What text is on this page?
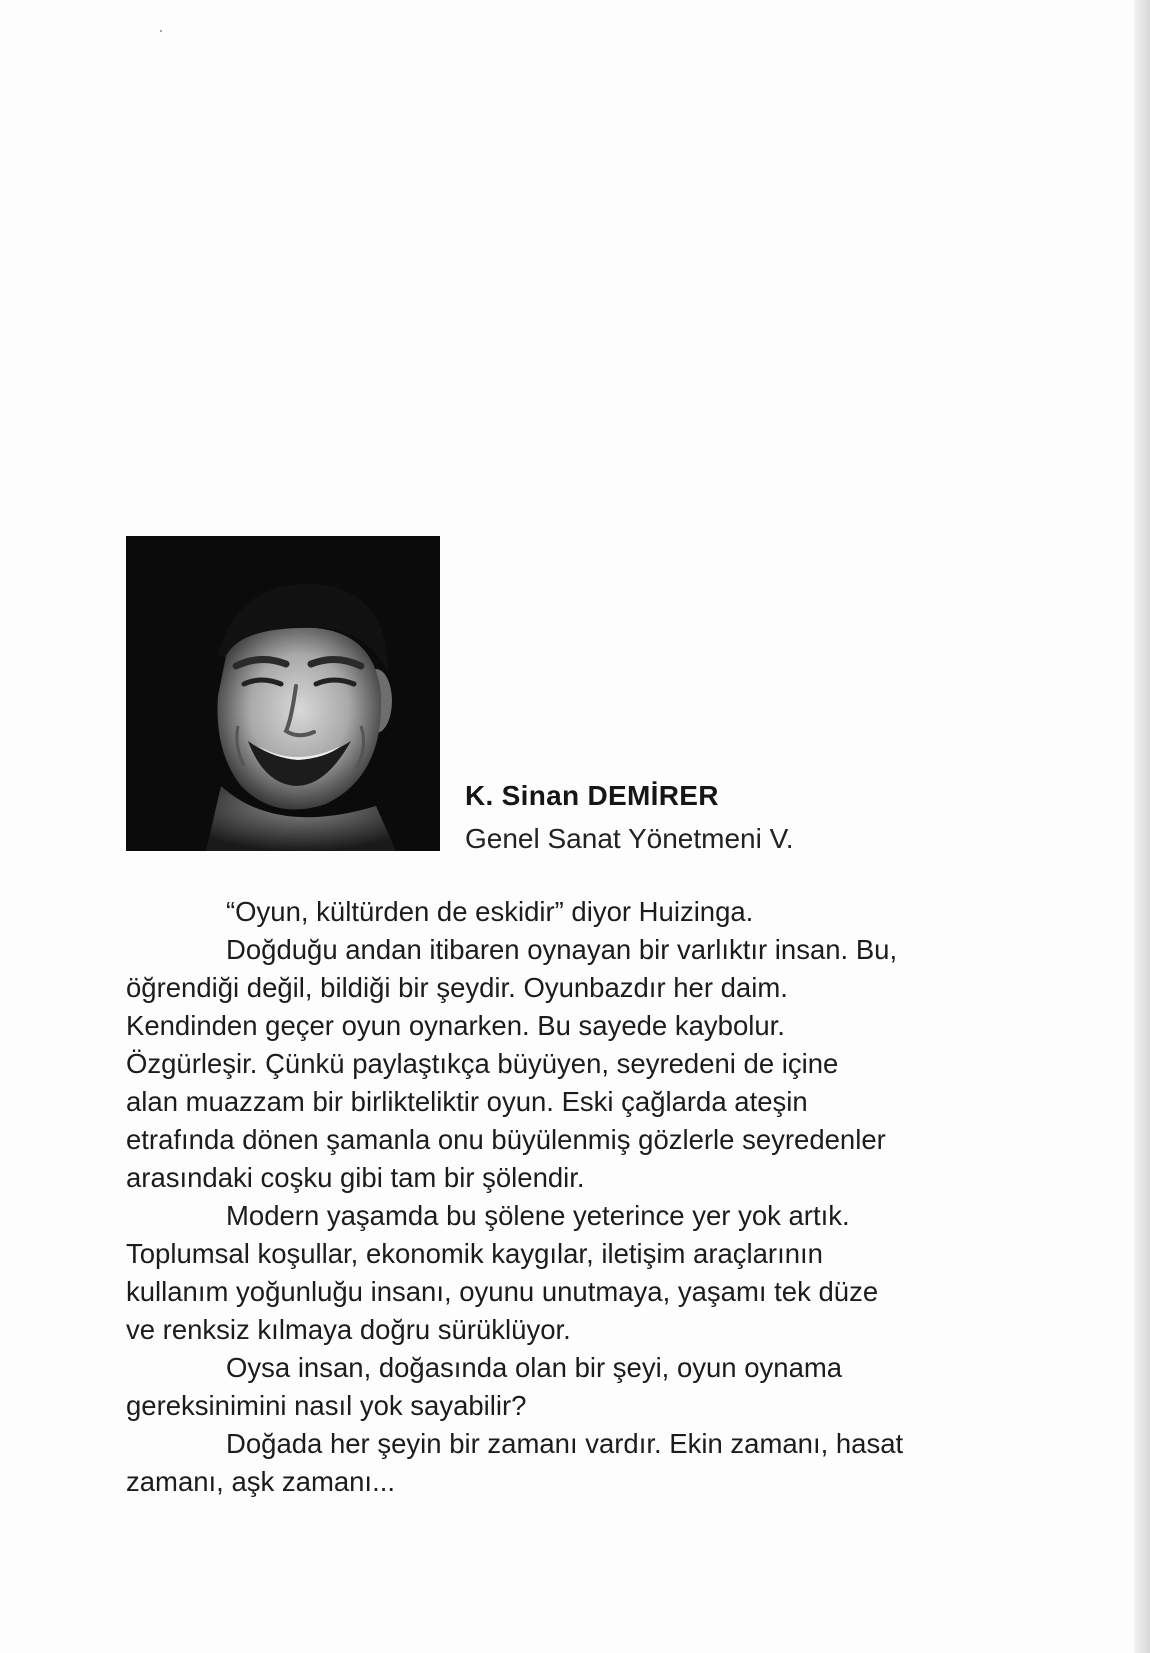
K. Sinan DEMİRER
Genel Sanat Yönetmeni V.
“Oyun, kültürden de eskidir” diyor Huizinga.
Doğduğu andan itibaren oynayan bir varlıktır insan. Bu,
öğrendiği değil, bildiği bir şeydir. Oyunbazdır her daim.
Kendinden geçer oyun oynarken. Bu sayede kaybolur.
Özgürleşir. Çünkü paylaştıkça büyüyen, seyredeni de içine
alan muazzam bir birlikteliktir oyun. Eski çağlarda ateşin
etrafında dönen şamanla onu büyülenmiş gözlerle seyredenler
arasındaki coşku gibi tam bir şölendir.
Modern yaşamda bu şölene yeterince yer yok artık.
Toplumsal koşullar, ekonomik kaygılar, iletişim araçlarının
kullanım yoğunluğu insanı, oyunu unutmaya, yaşamı tek düze
ve renksiz kılmaya doğru sürüklüyor.
Oysa insan, doğasında olan bir şeyi, oyun oynama
gereksinimini nasıl yok sayabilir?
Doğada her şeyin bir zamanı vardır. Ekin zamanı, hasat
zamanı, aşk zamanı...
